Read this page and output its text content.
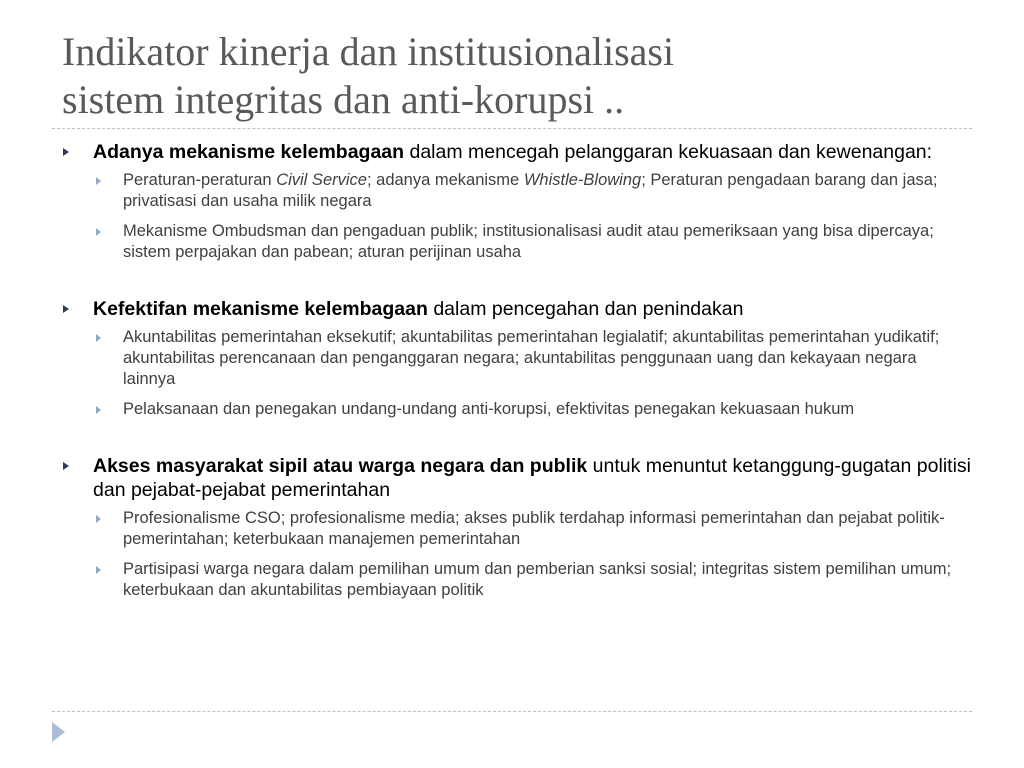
Indikator kinerja dan institusionalisasi
sistem integritas dan anti-korupsi ..
Adanya mekanisme kelembagaan dalam mencegah pelanggaran kekuasaan dan kewenangan:
Peraturan-peraturan Civil Service; adanya mekanisme Whistle-Blowing; Peraturan pengadaan barang dan jasa; privatisasi dan usaha milik negara
Mekanisme Ombudsman dan pengaduan publik; institusionalisasi audit atau pemeriksaan yang bisa dipercaya; sistem perpajakan dan pabean; aturan perijinan usaha
Kefektifan mekanisme kelembagaan dalam pencegahan dan penindakan
Akuntabilitas pemerintahan eksekutif; akuntabilitas pemerintahan legialatif; akuntabilitas pemerintahan yudikatif; akuntabilitas perencanaan dan penganggaran negara; akuntabilitas penggunaan uang dan kekayaan negara lainnya
Pelaksanaan dan penegakan undang-undang anti-korupsi, efektivitas penegakan kekuasaan hukum
Akses masyarakat sipil atau warga negara dan publik untuk menuntut ketanggung-gugatan politisi dan pejabat-pejabat pemerintahan
Profesionalisme CSO; profesionalisme media; akses publik terdahap informasi pemerintahan dan pejabat politik-pemerintahan; keterbukaan manajemen pemerintahan
Partisipasi warga negara dalam pemilihan umum dan pemberian sanksi sosial; integritas sistem pemilihan umum; keterbukaan dan akuntabilitas pembiayaan politik
